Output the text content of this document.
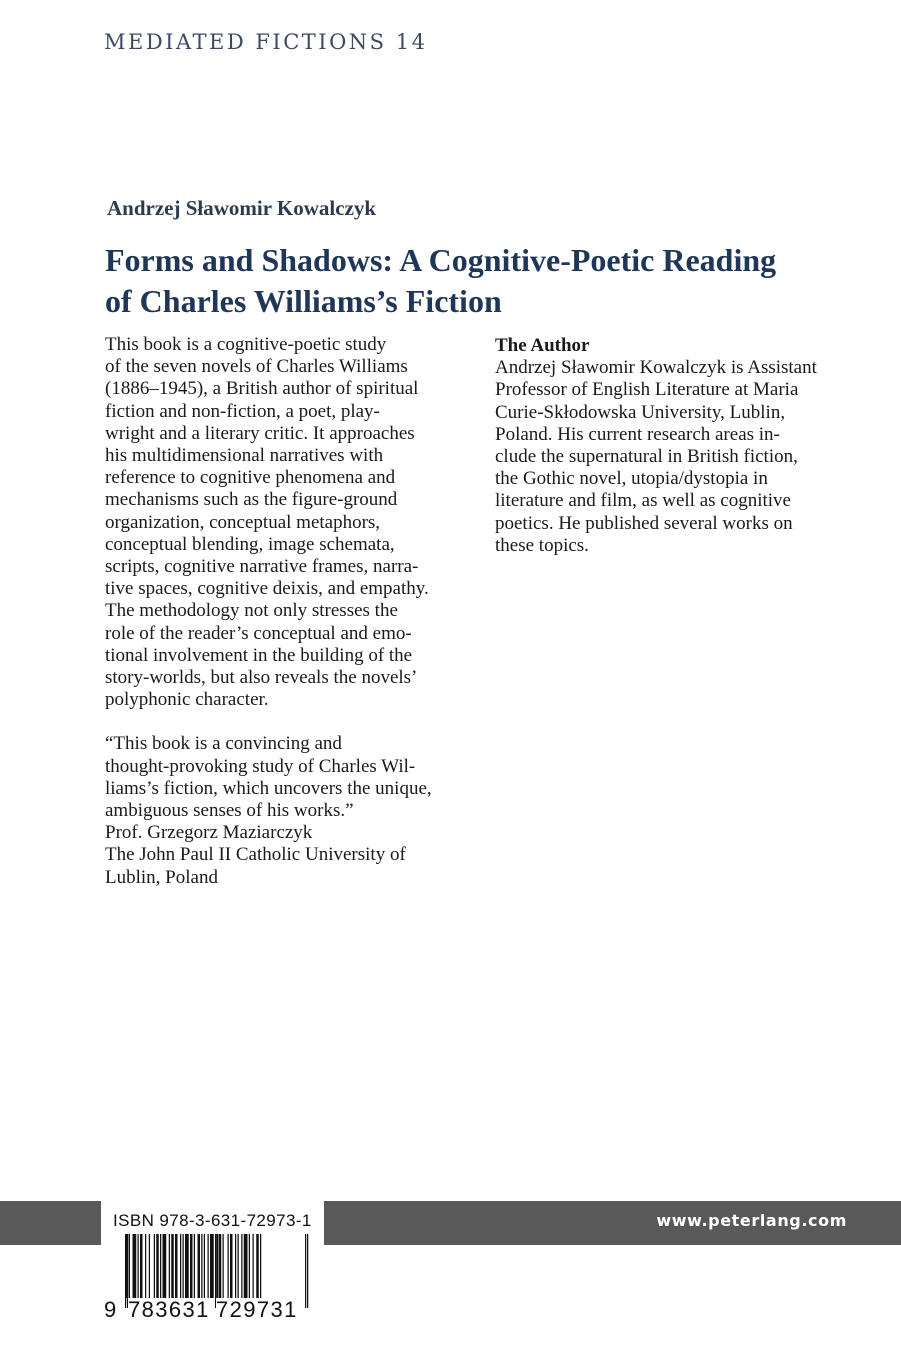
MEDIATED FICTIONS 14
Andrzej Sławomir Kowalczyk
Forms and Shadows: A Cognitive-Poetic Reading
of Charles Williams’s Fiction

This book is a cognitive-poetic study
of the seven novels of Charles Williams
(1886–1945), a British author of spiritual
fiction and non-fiction, a poet, play-
wright and a literary critic. It approaches
his multidimensional narratives with
reference to cognitive phenomena and
mechanisms such as the figure-ground
organization, conceptual metaphors,
conceptual blending, image schemata,
scripts, cognitive narrative frames, narra-
tive spaces, cognitive deixis, and empathy.
The methodology not only stresses the
role of the reader’s conceptual and emo-
tional involvement in the building of the
story-worlds, but also reveals the novels’
polyphonic character.

“This book is a convincing and
thought-provoking study of Charles Wil-
liams’s fiction, which uncovers the unique,
ambiguous senses of his works.”
Prof. Grzegorz Maziarczyk
The John Paul II Catholic University of
Lublin, Poland

The Author

Andrzej Sławomir Kowalczyk is Assistant
Professor of English Literature at Maria
Curie-Skłodowska University, Lublin,
Poland. His current research areas in-
clude the supernatural in British fiction,
the Gothic novel, utopia/dystopia in
literature and film, as well as cognitive
poetics. He published several works on
these topics.

www.peterlang.com
ISBN 978-3-631-72973-1
9 783631 729731
